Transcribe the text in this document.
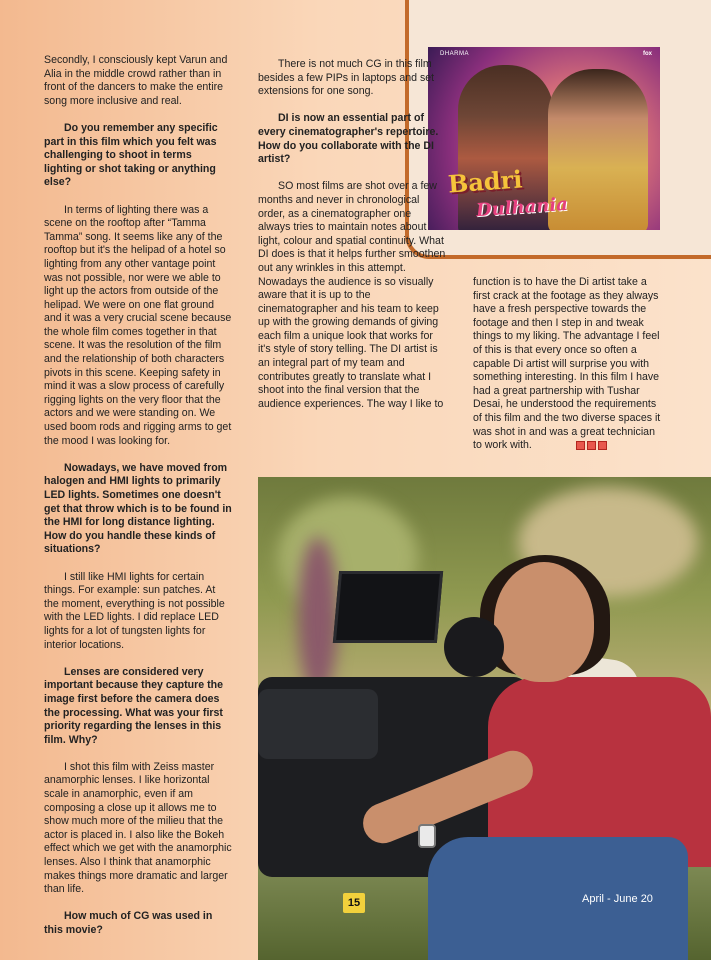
DHARMA	fox
Badri
Dulhania

Secondly, I consciously kept Varun and Alia in the middle crowd rather than in front of the dancers to make the entire song more inclusive and real.

Do you remember any specific part in this film which you felt was challenging to shoot in terms lighting or shot taking or anything else?

In terms of lighting there was a scene on the rooftop after “Tamma Tamma” song. It seems like any of the rooftop but it's the helipad of a hotel so lighting from any other vantage point was not possible, nor were we able to light up the actors from outside of the helipad. We were on one flat ground and it was a very crucial scene because the whole film comes together in that scene. It was the resolution of the film and the relationship of both characters pivots in this scene. Keeping safety in mind it was a slow process of carefully rigging lights on the very floor that the actors and we were standing on. We used boom rods and rigging arms to get the mood I was looking for.

Nowadays, we have moved from halogen and HMI lights to primarily LED lights. Sometimes one doesn't get that throw which is to be found in the HMI for long distance lighting. How do you handle these kinds of situations?

I still like HMI lights for certain things. For example: sun patches. At the moment, everything is not possible with the LED lights. I did replace LED lights for a lot of tungsten lights for interior locations.

Lenses are considered very important because they capture the image first before the camera does the processing. What was your first priority regarding the lenses in this film. Why?

I shot this film with Zeiss master anamorphic lenses. I like horizontal scale in anamorphic, even if am composing a close up it allows me to show much more of the milieu that the actor is placed in. I also like the Bokeh effect which we get with the anamorphic lenses. Also I think that anamorphic makes things more dramatic and larger than life.

How much of CG was used in this movie?

There is not much CG in this film besides a few PIPs in laptops and set extensions for one song.

DI is now an essential part of every cinematographer's repertoire. How do you collaborate with the DI artist?

SO most films are shot over a few months and never in chronological order, as a cinematographer one always tries to maintain notes about light, colour and spatial continuity. What DI does is that it helps further smoothen out any wrinkles in this attempt. Nowadays the audience is so visually aware that it is up to the cinematographer and his team to keep up with the growing demands of giving each film a unique look that works for it's style of story telling. The DI artist is an integral part of my team and contributes greatly to translate what I shoot into the final version that the audience experiences. The way I like to

function is to have the Di artist take a first crack at the footage as they always have a fresh perspective towards the footage and then I step in and tweak things to my liking. The advantage I feel of this is that every once so often a capable Di artist will surprise you with something interesting. In this film I have had a great partnership with Tushar Desai, he understood the requirements of this film and the two diverse spaces it was shot in and was a great technician to work with.

15	April - June 20
